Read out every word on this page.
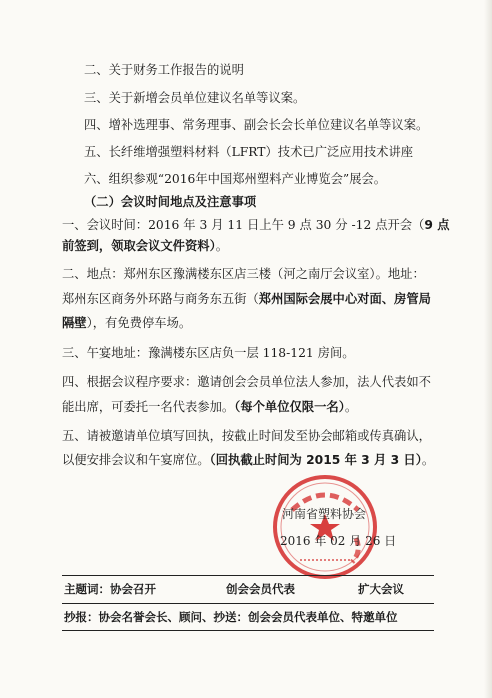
二、关于财务工作报告的说明
三、关于新增会员单位建议名单等议案。
四、增补选理事、常务理事、副会长会长单位建议名单等议案。
五、长纤维增强塑料材料（LFRT）技术已广泛应用技术讲座
六、组织参观“2016年中国郑州塑料产业博览会”展会。
（二）会议时间地点及注意事项
一、会议时间：2016 年 3 月 11 日上午 9 点 30 分 -12 点开会（9 点
前签到，领取会议文件资料）。
二、地点：郑州东区豫满楼东区店三楼（河之南厅会议室）。地址：
郑州东区商务外环路与商务东五街（郑州国际会展中心对面、房管局
隔壁），有免费停车场。
三、午宴地址：豫满楼东区店负一层 118-121 房间。
四、根据会议程序要求：邀请创会会员单位法人参加，法人代表如不
能出席，可委托一名代表参加。（每个单位仅限一名）。
五、请被邀请单位填写回执，按截止时间发至协会邮箱或传真确认，
以便安排会议和午宴席位。（回执截止时间为 2015 年 3 月 3 日）。
河南省塑料协会
2016 年 02 月 26 日
主题词：协会召开	创会会员代表	扩大会议
抄报：协会名誉会长、顾问、抄送：创会会员代表单位、特邀单位
